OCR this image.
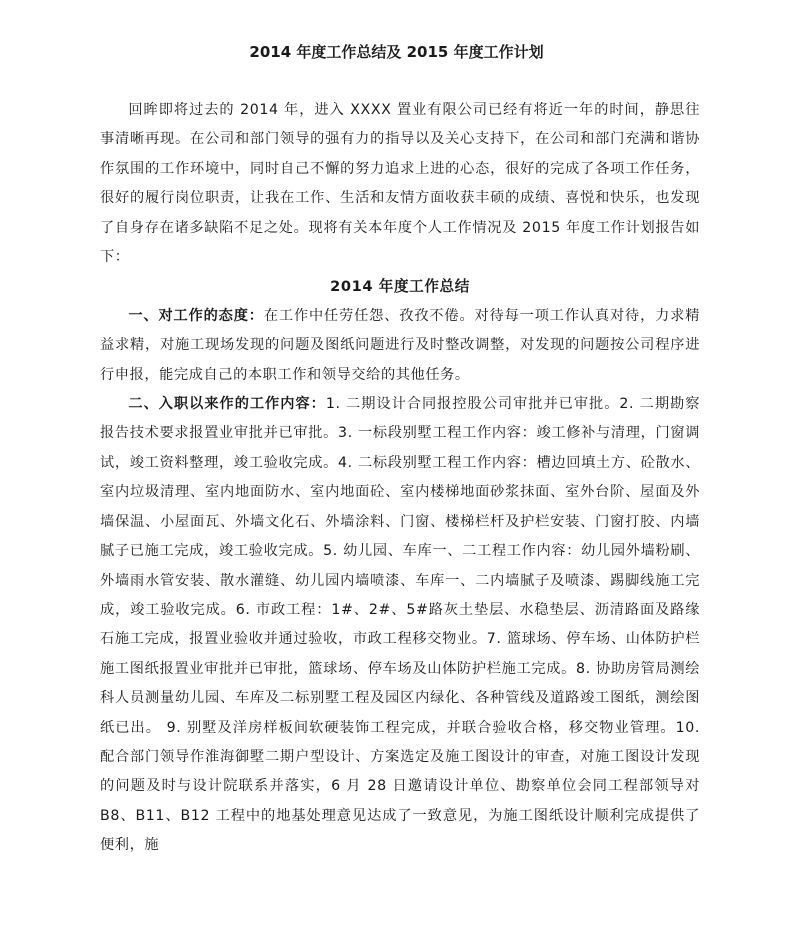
2014 年度工作总结及 2015 年度工作计划

回眸即将过去的 2014 年，进入 XXXX 置业有限公司已经有将近一年的时间，静思往事清晰再现。在公司和部门领导的强有力的指导以及关心支持下，在公司和部门充满和谐协作氛围的工作环境中，同时自己不懈的努力追求上进的心态，很好的完成了各项工作任务，很好的履行岗位职责，让我在工作、生活和友情方面收获丰硕的成绩、喜悦和快乐，也发现了自身存在诸多缺陷不足之处。现将有关本年度个人工作情况及 2015 年度工作计划报告如下：

2014 年度工作总结

一、对工作的态度：在工作中任劳任怨、孜孜不倦。对待每一项工作认真对待，力求精益求精，对施工现场发现的问题及图纸问题进行及时整改调整，对发现的问题按公司程序进行申报，能完成自己的本职工作和领导交给的其他任务。

二、入职以来作的工作内容：1. 二期设计合同报控股公司审批并已审批。2. 二期勘察报告技术要求报置业审批并已审批。3. 一标段别墅工程工作内容：竣工修补与清理，门窗调试，竣工资料整理，竣工验收完成。4. 二标段别墅工程工作内容：槽边回填土方、砼散水、室内垃圾清理、室内地面防水、室内地面砼、室内楼梯地面砂浆抹面、室外台阶、屋面及外墙保温、小屋面瓦、外墙文化石、外墙涂料、门窗、楼梯栏杆及护栏安装、门窗打胶、内墙腻子已施工完成，竣工验收完成。5. 幼儿园、车库一、二工程工作内容：幼儿园外墙粉刷、外墙雨水管安装、散水灌缝、幼儿园内墙喷漆、车库一、二内墙腻子及喷漆、踢脚线施工完成，竣工验收完成。6. 市政工程：1#、2#、5#路灰土垫层、水稳垫层、沥清路面及路缘石施工完成，报置业验收并通过验收，市政工程移交物业。7. 篮球场、停车场、山体防护栏施工图纸报置业审批并已审批，篮球场、停车场及山体防护栏施工完成。8. 协助房管局测绘科人员测量幼儿园、车库及二标别墅工程及园区内绿化、各种管线及道路竣工图纸，测绘图纸已出。 9. 别墅及洋房样板间软硬装饰工程完成，并联合验收合格，移交物业管理。10. 配合部门领导作淮海御墅二期户型设计、方案选定及施工图设计的审查，对施工图设计发现的问题及时与设计院联系并落实，6 月 28 日邀请设计单位、勘察单位会同工程部领导对 B8、B11、B12 工程中的地基处理意见达成了一致意见，为施工图纸设计顺利完成提供了便利，施
